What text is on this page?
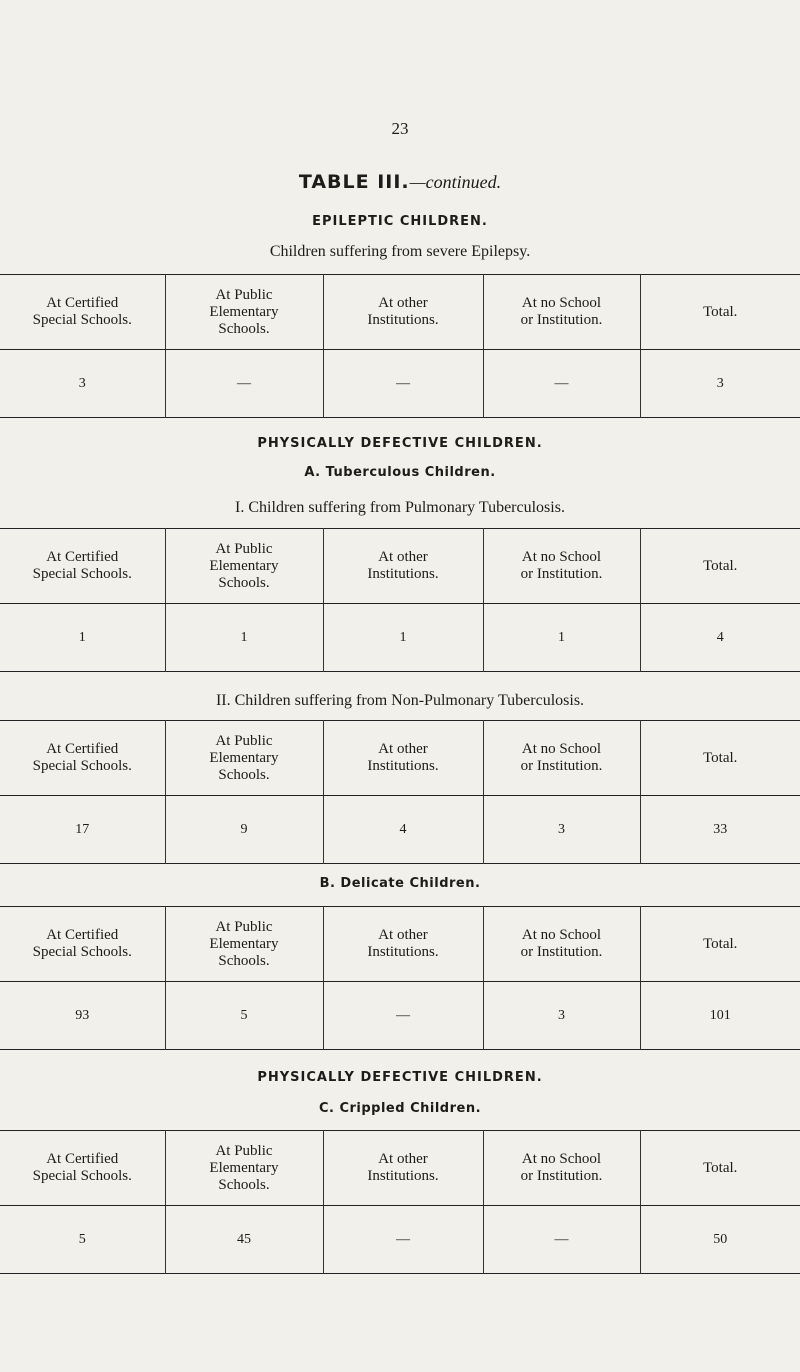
23
TABLE III.—continued.
EPILEPTIC CHILDREN.
Children suffering from severe Epilepsy.
At Certified
Special Schools.	At Public
Elementary
Schools.	At other
Institutions.	At no School
or Institution.	Total.
3	—	—	—	3
PHYSICALLY DEFECTIVE CHILDREN.
A. Tuberculous Children.
I. Children suffering from Pulmonary Tuberculosis.
At Certified
Special Schools.	At Public
Elementary
Schools.	At other
Institutions.	At no School
or Institution.	Total.
1	1	1	1	4
II. Children suffering from Non-Pulmonary Tuberculosis.
At Certified
Special Schools.	At Public
Elementary
Schools.	At other
Institutions.	At no School
or Institution.	Total.
17	9	4	3	33
B. Delicate Children.
At Certified
Special Schools.	At Public
Elementary
Schools.	At other
Institutions.	At no School
or Institution.	Total.
93	5	—	3	101
PHYSICALLY DEFECTIVE CHILDREN.
C. Crippled Children.
At Certified
Special Schools.	At Public
Elementary
Schools.	At other
Institutions.	At no School
or Institution.	Total.
5	45	—	—	50
